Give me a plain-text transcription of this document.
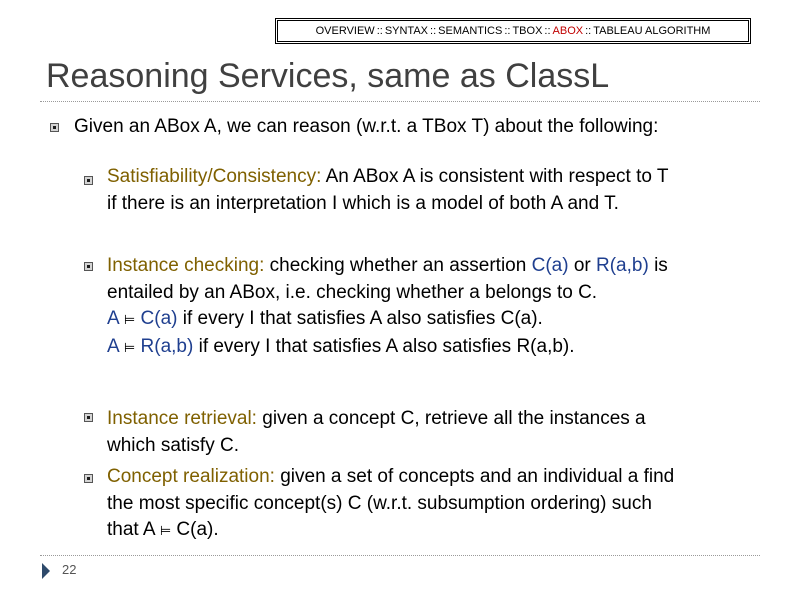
OVERVIEW :: SYNTAX :: SEMANTICS :: TBOX :: ABOX :: TABLEAU ALGORITHM
Reasoning Services, same as ClassL

Given an ABox A, we can reason (w.r.t. a TBox T) about the following:

Satisfiability/Consistency: An ABox A is consistent with respect to T
if there is an interpretation I which is a model of both A and T.
Instance checking: checking whether an assertion C(a) or R(a,b) is
entailed by an ABox, i.e. checking whether a belongs to C.
A ⊨ C(a) if every I that satisfies A also satisfies C(a).
A ⊨ R(a,b) if every I that satisfies A also satisfies R(a,b).
Instance retrieval: given a concept C, retrieve all the instances a
which satisfy C.
Concept realization: given a set of concepts and an individual a find
the most specific concept(s) C (w.r.t. subsumption ordering) such
that A ⊨ C(a).
22
